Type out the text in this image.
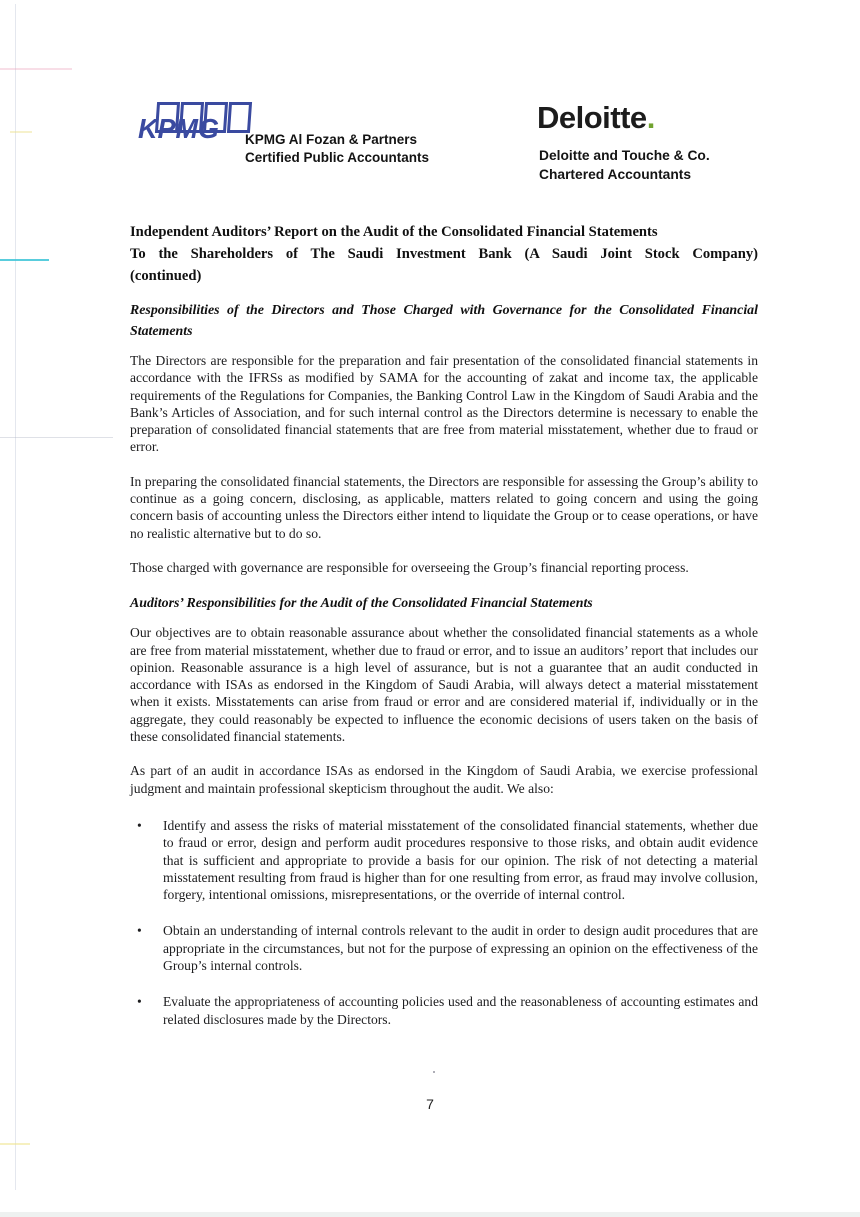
KPMG KPMG Al Fozan & Partners
Certified Public Accountants
Deloitte.
Deloitte and Touche & Co.
Chartered Accountants
Independent Auditors’ Report on the Audit of the Consolidated Financial Statements
To the Shareholders of The Saudi Investment Bank (A Saudi Joint Stock Company)
(continued)
Responsibilities of the Directors and Those Charged with Governance for the Consolidated Financial
Statements

The Directors are responsible for the preparation and fair presentation of the consolidated financial statements in accordance with the IFRSs as modified by SAMA for the accounting of zakat and income tax, the applicable requirements of the Regulations for Companies, the Banking Control Law in the Kingdom of Saudi Arabia and the Bank’s Articles of Association, and for such internal control as the Directors determine is necessary to enable the preparation of consolidated financial statements that are free from material misstatement, whether due to fraud or error.

In preparing the consolidated financial statements, the Directors are responsible for assessing the Group’s ability to continue as a going concern, disclosing, as applicable, matters related to going concern and using the going concern basis of accounting unless the Directors either intend to liquidate the Group or to cease operations, or have no realistic alternative but to do so.

Those charged with governance are responsible for overseeing the Group’s financial reporting process.

Auditors’ Responsibilities for the Audit of the Consolidated Financial Statements

Our objectives are to obtain reasonable assurance about whether the consolidated financial statements as a whole are free from material misstatement, whether due to fraud or error, and to issue an auditors’ report that includes our opinion. Reasonable assurance is a high level of assurance, but is not a guarantee that an audit conducted in accordance with ISAs as endorsed in the Kingdom of Saudi Arabia, will always detect a material misstatement when it exists. Misstatements can arise from fraud or error and are considered material if, individually or in the aggregate, they could reasonably be expected to influence the economic decisions of users taken on the basis of these consolidated financial statements.

As part of an audit in accordance ISAs as endorsed in the Kingdom of Saudi Arabia, we exercise professional judgment and maintain professional skepticism throughout the audit. We also:

• Identify and assess the risks of material misstatement of the consolidated financial statements, whether due to fraud or error, design and perform audit procedures responsive to those risks, and obtain audit evidence that is sufficient and appropriate to provide a basis for our opinion. The risk of not detecting a material misstatement resulting from fraud is higher than for one resulting from error, as fraud may involve collusion, forgery, intentional omissions, misrepresentations, or the override of internal control.
• Obtain an understanding of internal controls relevant to the audit in order to design audit procedures that are appropriate in the circumstances, but not for the purpose of expressing an opinion on the effectiveness of the Group’s internal controls.
• Evaluate the appropriateness of accounting policies used and the reasonableness of accounting estimates and related disclosures made by the Directors.
7
